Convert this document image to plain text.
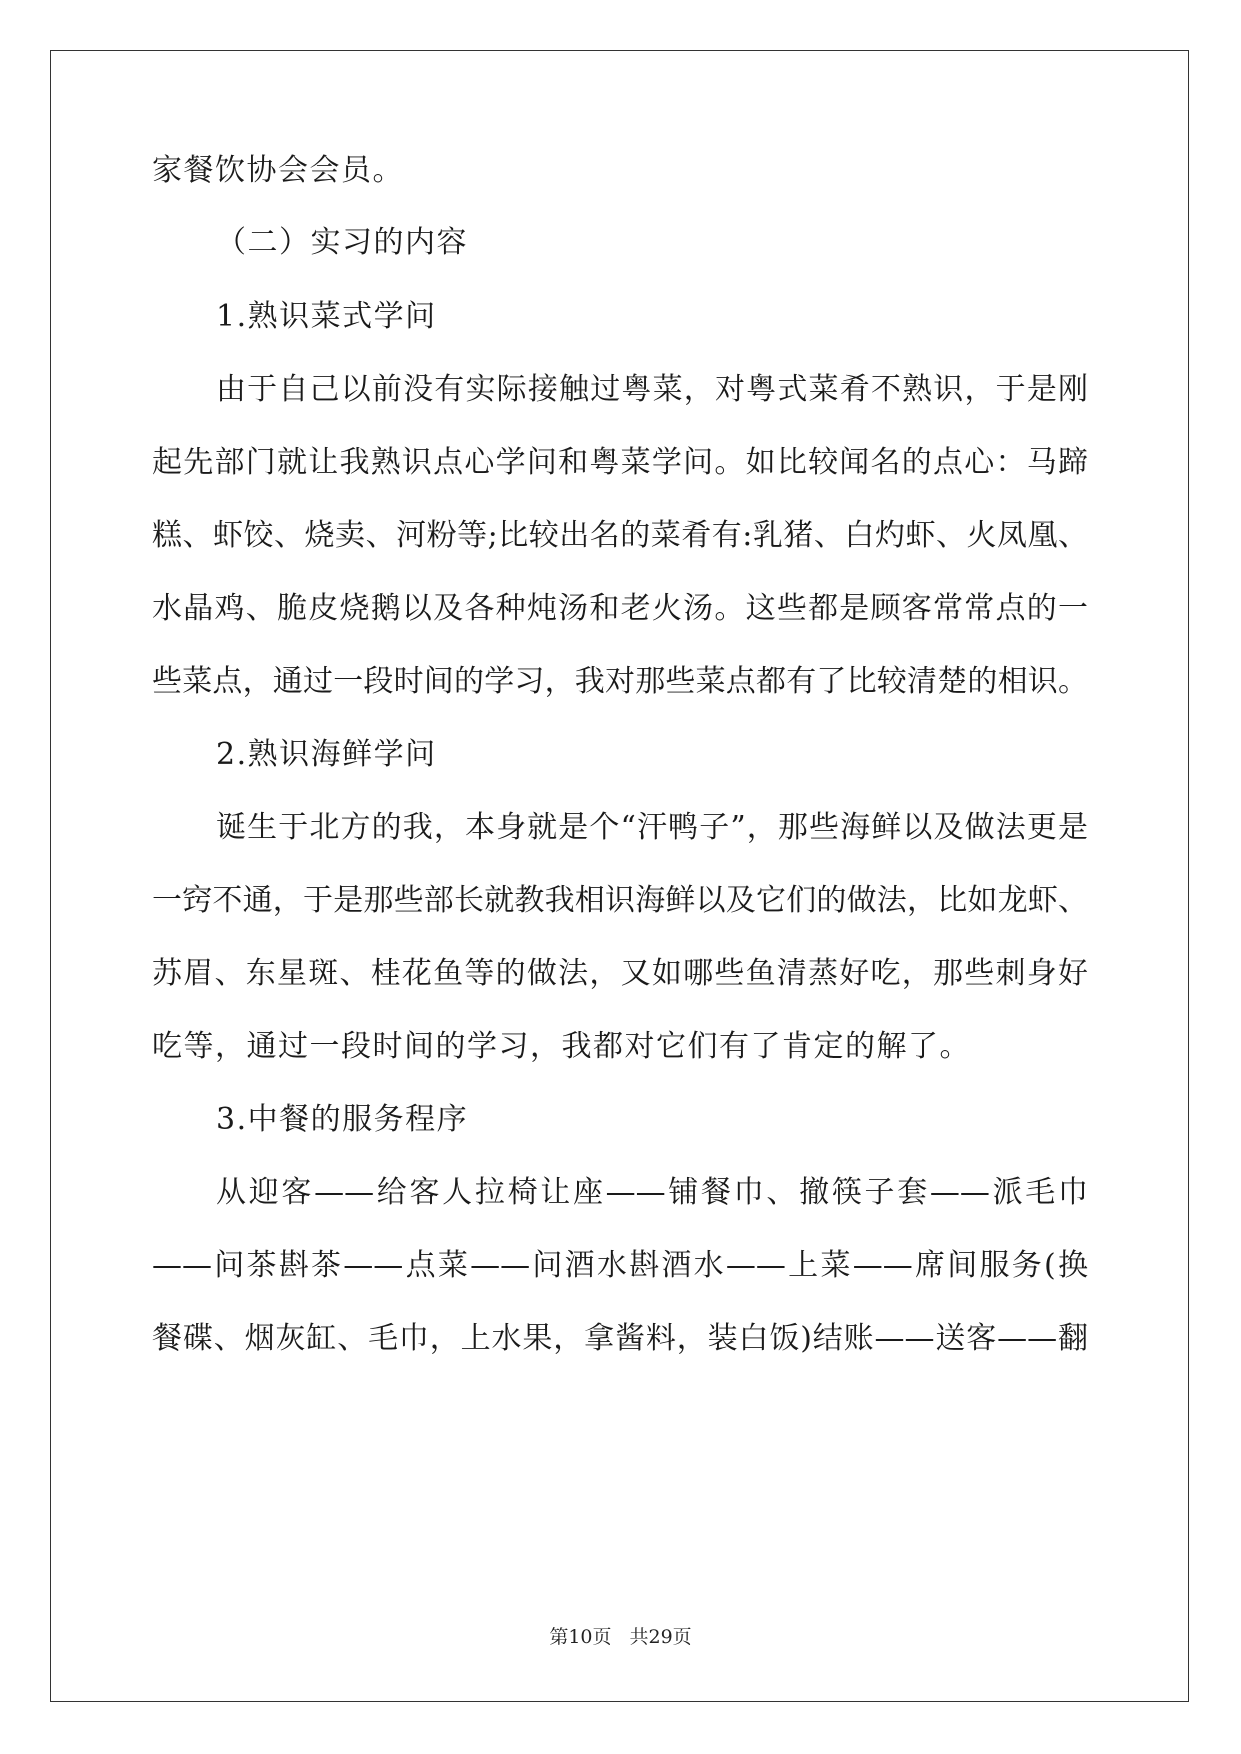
家餐饮协会会员。
（二）实习的内容
1.熟识菜式学问
由于自己以前没有实际接触过粤菜，对粤式菜肴不熟识，于是刚
起先部门就让我熟识点心学问和粤菜学问。如比较闻名的点心：马蹄
糕、虾饺、烧卖、河粉等;比较出名的菜肴有:乳猪、白灼虾、火凤凰、
水晶鸡、脆皮烧鹅以及各种炖汤和老火汤。这些都是顾客常常点的一
些菜点，通过一段时间的学习，我对那些菜点都有了比较清楚的相识。
2.熟识海鲜学问
诞生于北方的我，本身就是个“汗鸭子”，那些海鲜以及做法更是
一窍不通，于是那些部长就教我相识海鲜以及它们的做法，比如龙虾、
苏眉、东星斑、桂花鱼等的做法，又如哪些鱼清蒸好吃，那些刺身好
吃等，通过一段时间的学习，我都对它们有了肯定的解了。
3.中餐的服务程序
从迎客——给客人拉椅让座——铺餐巾、撤筷子套——派毛巾
——问茶斟茶——点菜——问酒水斟酒水——上菜——席间服务(换
餐碟、烟灰缸、毛巾，上水果，拿酱料，装白饭)结账——送客——翻
第10页 共29页
